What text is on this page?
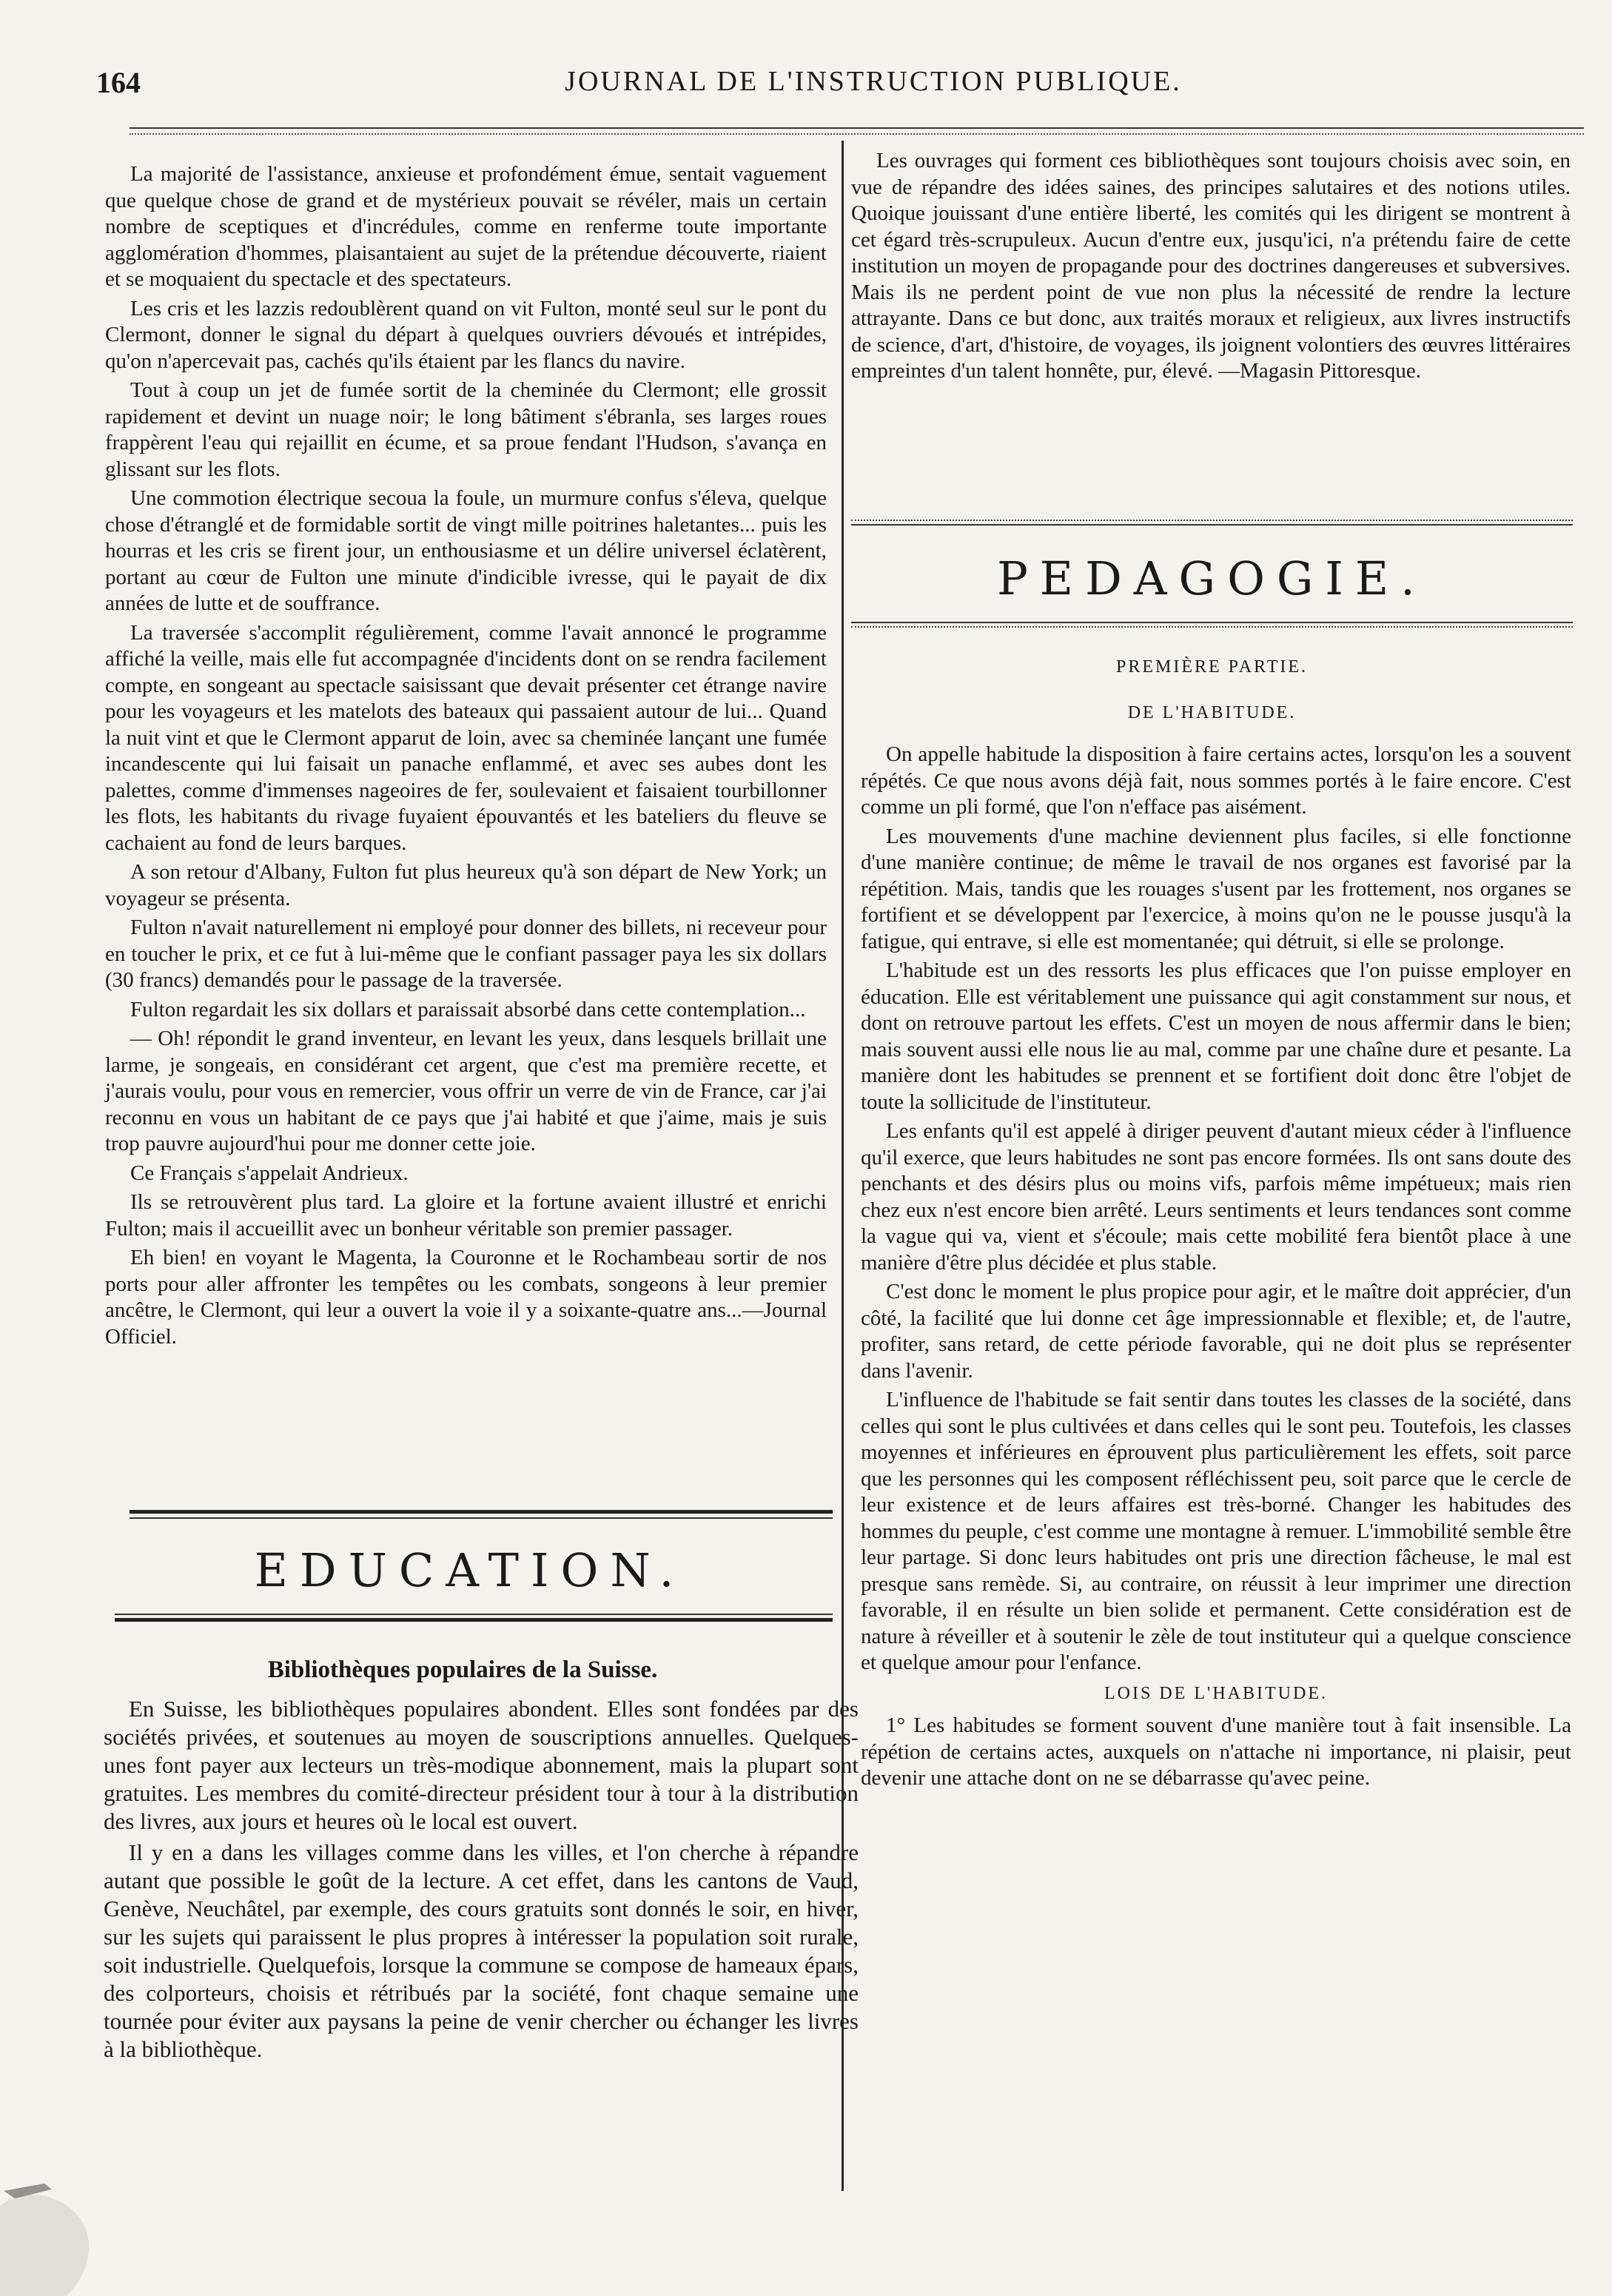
164	JOURNAL DE L'INSTRUCTION PUBLIQUE.

La majorité de l'assistance, anxieuse et profondément émue, sentait vaguement que quelque chose de grand et de mystérieux pouvait se révéler, mais un certain nombre de sceptiques et d'incrédules, comme en renferme toute importante agglomération d'hommes, plaisantaient au sujet de la prétendue découverte, riaient et se moquaient du spectacle et des spectateurs.

Les cris et les lazzis redoublèrent quand on vit Fulton, monté seul sur le pont du Clermont, donner le signal du départ à quelques ouvriers dévoués et intrépides, qu'on n'apercevait pas, cachés qu'ils étaient par les flancs du navire.

Tout à coup un jet de fumée sortit de la cheminée du Clermont; elle grossit rapidement et devint un nuage noir; le long bâtiment s'ébranla, ses larges roues frappèrent l'eau qui rejaillit en écume, et sa proue fendant l'Hudson, s'avança en glissant sur les flots.

Une commotion électrique secoua la foule, un murmure confus s'éleva, quelque chose d'étranglé et de formidable sortit de vingt mille poitrines haletantes... puis les hourras et les cris se firent jour, un enthousiasme et un délire universel éclatèrent, portant au cœur de Fulton une minute d'indicible ivresse, qui le payait de dix années de lutte et de souffrance.

La traversée s'accomplit régulièrement, comme l'avait annoncé le programme affiché la veille, mais elle fut accompagnée d'incidents dont on se rendra facilement compte, en songeant au spectacle saisissant que devait présenter cet étrange navire pour les voyageurs et les matelots des bateaux qui passaient autour de lui... Quand la nuit vint et que le Clermont apparut de loin, avec sa cheminée lançant une fumée incandescente qui lui faisait un panache enflammé, et avec ses aubes dont les palettes, comme d'immenses nageoires de fer, soulevaient et faisaient tourbillonner les flots, les habitants du rivage fuyaient épouvantés et les bateliers du fleuve se cachaient au fond de leurs barques.

A son retour d'Albany, Fulton fut plus heureux qu'à son départ de New York; un voyageur se présenta.

Fulton n'avait naturellement ni employé pour donner des billets, ni receveur pour en toucher le prix, et ce fut à lui-même que le confiant passager paya les six dollars (30 francs) demandés pour le passage de la traversée.

Fulton regardait les six dollars et paraissait absorbé dans cette contemplation...

— Oh! répondit le grand inventeur, en levant les yeux, dans lesquels brillait une larme, je songeais, en considérant cet argent, que c'est ma première recette, et j'aurais voulu, pour vous en remercier, vous offrir un verre de vin de France, car j'ai reconnu en vous un habitant de ce pays que j'ai habité et que j'aime, mais je suis trop pauvre aujourd'hui pour me donner cette joie.

Ce Français s'appelait Andrieux.

Ils se retrouvèrent plus tard. La gloire et la fortune avaient illustré et enrichi Fulton; mais il accueillit avec un bonheur véritable son premier passager.

Eh bien! en voyant le Magenta, la Couronne et le Rochambeau sortir de nos ports pour aller affronter les tempêtes ou les combats, songeons à leur premier ancêtre, le Clermont, qui leur a ouvert la voie il y a soixante-quatre ans...—Journal Officiel.

EDUCATION.
Bibliothèques populaires de la Suisse.

En Suisse, les bibliothèques populaires abondent. Elles sont fondées par des sociétés privées, et soutenues au moyen de souscriptions annuelles. Quelques-unes font payer aux lecteurs un très-modique abonnement, mais la plupart sont gratuites. Les membres du comité-directeur président tour à tour à la distribution des livres, aux jours et heures où le local est ouvert.

Il y en a dans les villages comme dans les villes, et l'on cherche à répandre autant que possible le goût de la lecture. A cet effet, dans les cantons de Vaud, Genève, Neuchâtel, par exemple, des cours gratuits sont donnés le soir, en hiver, sur les sujets qui paraissent le plus propres à intéresser la population soit rurale, soit industrielle. Quelquefois, lorsque la commune se compose de hameaux épars, des colporteurs, choisis et rétribués par la société, font chaque semaine une tournée pour éviter aux paysans la peine de venir chercher ou échanger les livres à la bibliothèque.

Les ouvrages qui forment ces bibliothèques sont toujours choisis avec soin, en vue de répandre des idées saines, des principes salutaires et des notions utiles. Quoique jouissant d'une entière liberté, les comités qui les dirigent se montrent à cet égard très-scrupuleux. Aucun d'entre eux, jusqu'ici, n'a prétendu faire de cette institution un moyen de propagande pour des doctrines dangereuses et subversives. Mais ils ne perdent point de vue non plus la nécessité de rendre la lecture attrayante. Dans ce but donc, aux traités moraux et religieux, aux livres instructifs de science, d'art, d'histoire, de voyages, ils joignent volontiers des œuvres littéraires empreintes d'un talent honnête, pur, élevé. —Magasin Pittoresque.

PEDAGOGIE.
PREMIÈRE PARTIE.
DE L'HABITUDE.

On appelle habitude la disposition à faire certains actes, lorsqu'on les a souvent répétés. Ce que nous avons déjà fait, nous sommes portés à le faire encore. C'est comme un pli formé, que l'on n'efface pas aisément.

Les mouvements d'une machine deviennent plus faciles, si elle fonctionne d'une manière continue; de même le travail de nos organes est favorisé par la répétition. Mais, tandis que les rouages s'usent par les frottement, nos organes se fortifient et se développent par l'exercice, à moins qu'on ne le pousse jusqu'à la fatigue, qui entrave, si elle est momentanée; qui détruit, si elle se prolonge.

L'habitude est un des ressorts les plus efficaces que l'on puisse employer en éducation. Elle est véritablement une puissance qui agit constamment sur nous, et dont on retrouve partout les effets. C'est un moyen de nous affermir dans le bien; mais souvent aussi elle nous lie au mal, comme par une chaîne dure et pesante. La manière dont les habitudes se prennent et se fortifient doit donc être l'objet de toute la sollicitude de l'instituteur.

Les enfants qu'il est appelé à diriger peuvent d'autant mieux céder à l'influence qu'il exerce, que leurs habitudes ne sont pas encore formées. Ils ont sans doute des penchants et des désirs plus ou moins vifs, parfois même impétueux; mais rien chez eux n'est encore bien arrêté. Leurs sentiments et leurs tendances sont comme la vague qui va, vient et s'écoule; mais cette mobilité fera bientôt place à une manière d'être plus décidée et plus stable.

C'est donc le moment le plus propice pour agir, et le maître doit apprécier, d'un côté, la facilité que lui donne cet âge impressionnable et flexible; et, de l'autre, profiter, sans retard, de cette période favorable, qui ne doit plus se représenter dans l'avenir.

L'influence de l'habitude se fait sentir dans toutes les classes de la société, dans celles qui sont le plus cultivées et dans celles qui le sont peu. Toutefois, les classes moyennes et inférieures en éprouvent plus particulièrement les effets, soit parce que les personnes qui les composent réfléchissent peu, soit parce que le cercle de leur existence et de leurs affaires est très-borné. Changer les habitudes des hommes du peuple, c'est comme une montagne à remuer. L'immobilité semble être leur partage. Si donc leurs habitudes ont pris une direction fâcheuse, le mal est presque sans remède. Si, au contraire, on réussit à leur imprimer une direction favorable, il en résulte un bien solide et permanent. Cette considération est de nature à réveiller et à soutenir le zèle de tout instituteur qui a quelque conscience et quelque amour pour l'enfance.

LOIS DE L'HABITUDE.

1° Les habitudes se forment souvent d'une manière tout à fait insensible. La répétion de certains actes, auxquels on n'attache ni importance, ni plaisir, peut devenir une attache dont on ne se débarrasse qu'avec peine.
